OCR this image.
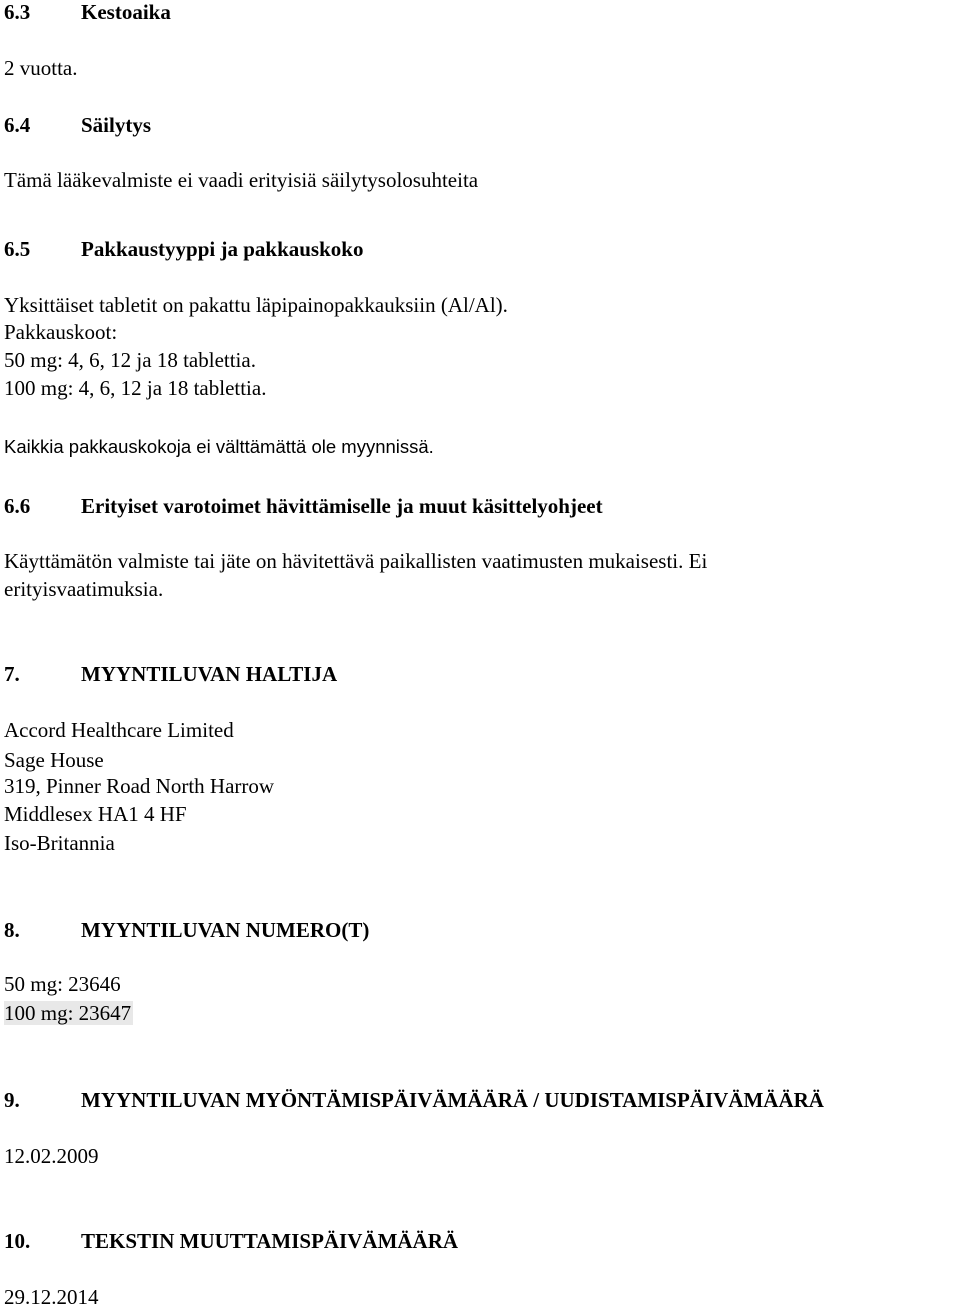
6.3 Kestoaika
2 vuotta.
6.4 Säilytys
Tämä lääkevalmiste ei vaadi erityisiä säilytysolosuhteita
6.5 Pakkaustyyppi ja pakkauskoko
Yksittäiset tabletit on pakattu läpipainopakkauksiin (Al/Al).
Pakkauskoot:
50 mg: 4, 6, 12 ja 18 tablettia.
100 mg: 4, 6, 12 ja 18 tablettia.
Kaikkia pakkauskokoja ei välttämättä ole myynnissä.
6.6 Erityiset varotoimet hävittämiselle ja muut käsittelyohjeet
Käyttämätön valmiste tai jäte on hävitettävä paikallisten vaatimusten mukaisesti. Ei
erityisvaatimuksia.
7.	MYYNTILUVAN HALTIJA
Accord Healthcare Limited
Sage House
319, Pinner Road North Harrow
Middlesex HA1 4 HF
Iso-Britannia
8.	MYYNTILUVAN NUMERO(T)
50 mg: 23646
100 mg: 23647
9.	MYYNTILUVAN MYÖNTÄMISPÄIVÄMÄÄRÄ / UUDISTAMISPÄIVÄMÄÄRÄ
12.02.2009
10. TEKSTIN MUUTTAMISPÄIVÄMÄÄRÄ
29.12.2014
